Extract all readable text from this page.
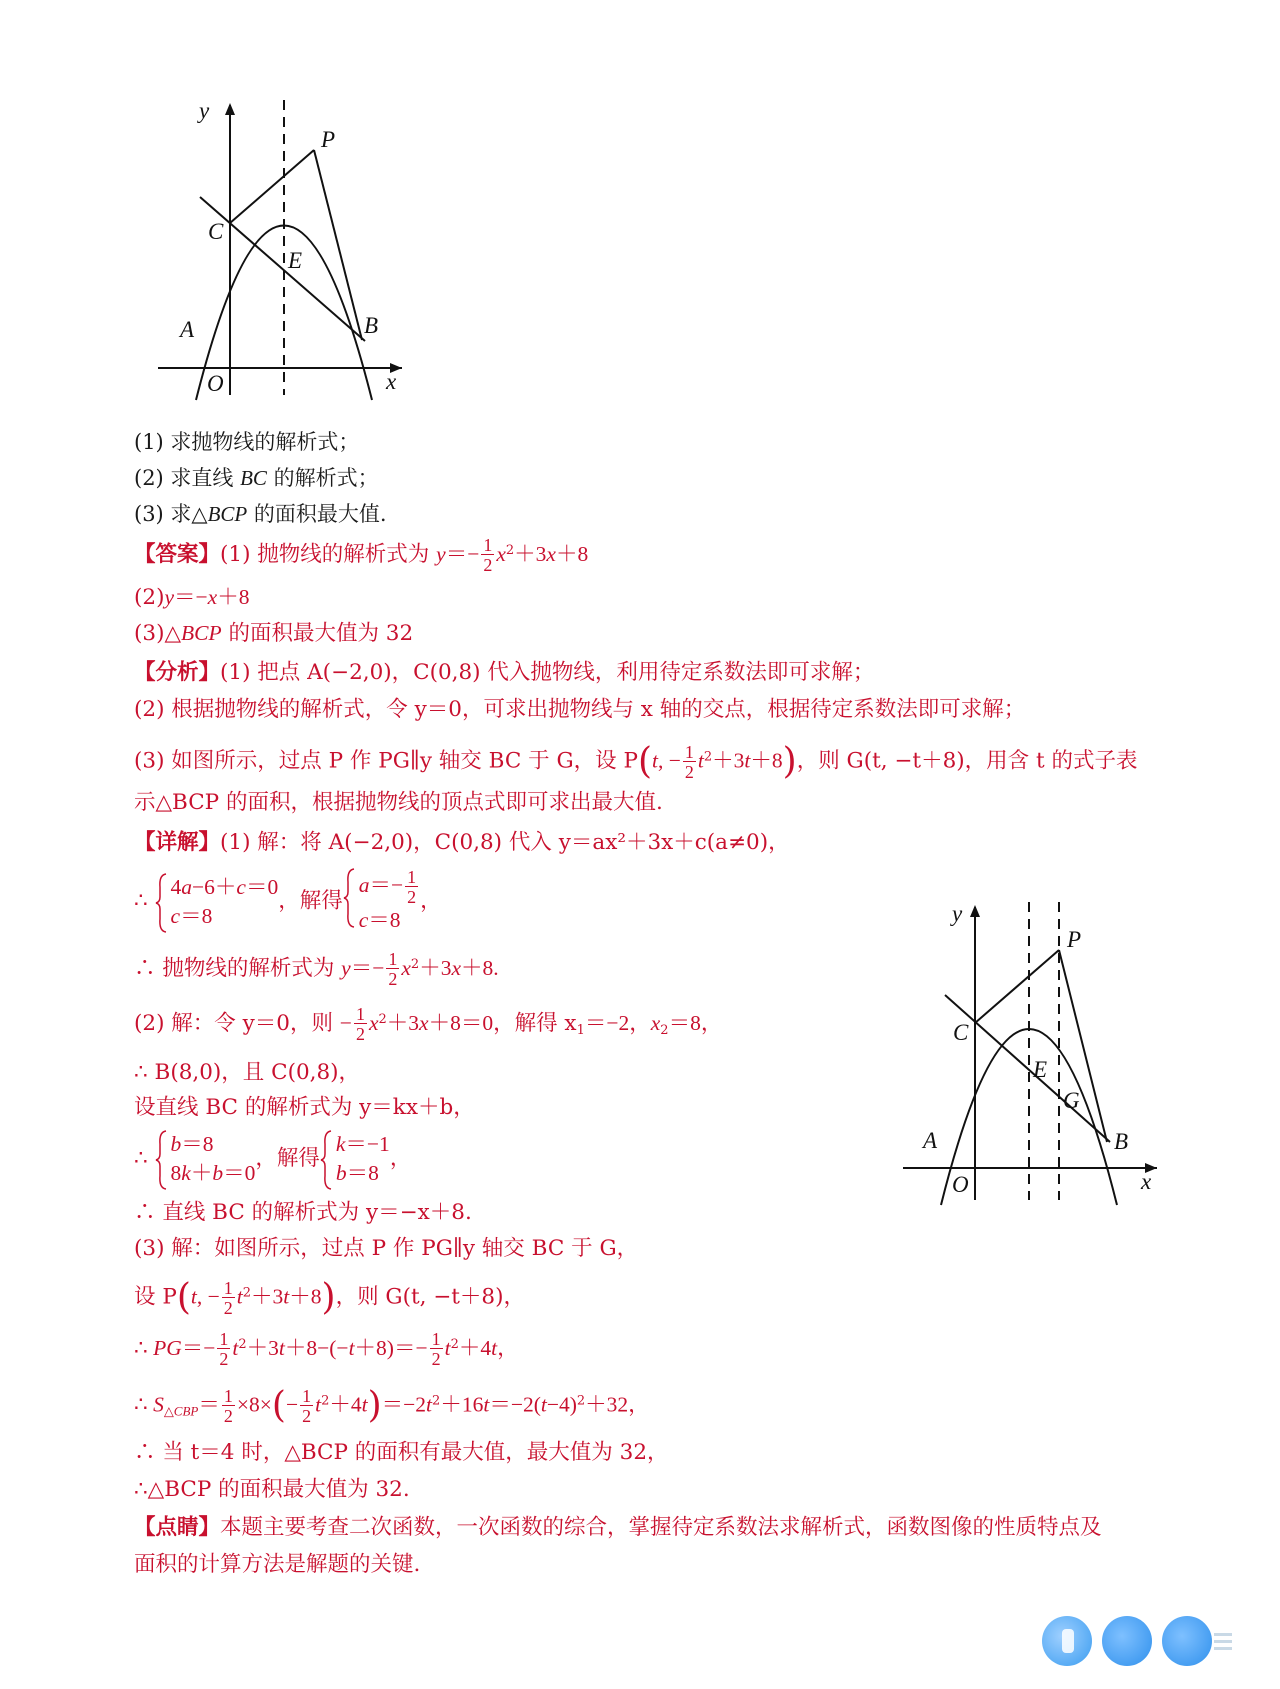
y
x
P
C
E
A	B
O
y
x
P
C
E
G
A	B
O
(1) 求抛物线的解析式；
(2) 求直线 BC 的解析式；
(3) 求△BCP 的面积最大值.
【答案】(1) 抛物线的解析式为 $y=- \frac{1}{2} x^2+3x+8$
(2)y＝−x＋8
(3)△BCP 的面积最大值为 32
【分析】(1) 把点 A(−2,0)，C(0,8) 代入抛物线，利用待定系数法即可求解；
(2) 根据抛物线的解析式，令 y＝0，可求出抛物线与 x 轴的交点，根据待定系数法即可求解；
(3) 如图所示，过点 P 作 PG∥y 轴交 BC 于 G，设 P(t, − $\frac{1}{2} t^2+3t+8$)，则 G(t, −t＋8)，用含 t 的式子表
示△BCP 的面积，根据抛物线的顶点式即可求出最大值.
【详解】(1) 解：将 A(−2,0)，C(0,8) 代入 y＝ax²＋3x＋c(a≠0)，
∴
4a−6＋c＝0
c＝8
，解得
$a=- \frac{1}{2}$
c＝8
，
∴ 抛物线的解析式为 $y=- \frac{1}{2} x^2+3x+8$.
(2) 解：令 y＝0，则 − $\frac{1}{2} x^2+3x+8=0$，解得 $x_1=-2$，$x_2=8$，
∴ B(8,0)，且 C(0,8)，
设直线 BC 的解析式为 y＝kx＋b，
∴
b＝8
8k＋b＝0
，解得
k＝−1
b＝8
，
∴ 直线 BC 的解析式为 y＝−x＋8.
(3) 解：如图所示，过点 P 作 PG∥y 轴交 BC 于 G，
设 P(t, − $\frac{1}{2} t^2+3t+8$)，则 G(t, −t＋8)，
∴ $PG=- \frac{1}{2} t^2+3t+8-(-t+8)=- \frac{1}{2} t^2+4t$，
∴ $S_{\triangle CBP}= \frac{1}{2} \times 8\times(- \frac{1}{2} t^2+4t)=-2t^2+16t=-2(t-4)^2+32$，
∴ 当 t＝4 时，△BCP 的面积有最大值，最大值为 32，
∴△BCP 的面积最大值为 32.
【点睛】本题主要考查二次函数，一次函数的综合，掌握待定系数法求解析式，函数图像的性质特点及
面积的计算方法是解题的关键.
